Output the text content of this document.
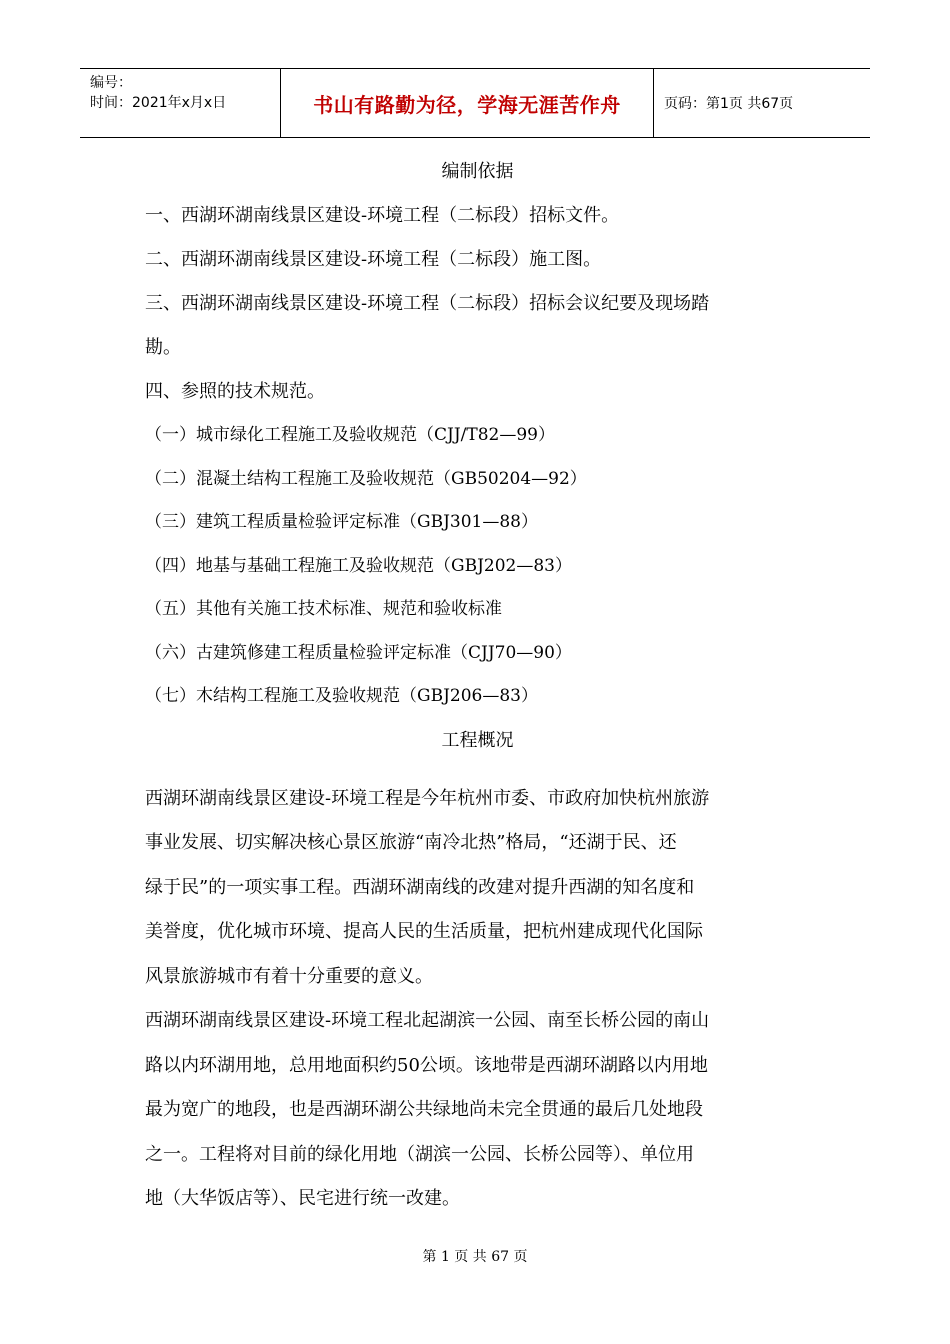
编号：
时间：2021年x月x日	书山有路勤为径，学海无涯苦作舟	页码：第1页 共67页

编制依据

一、西湖环湖南线景区建设-环境工程（二标段）招标文件。

二、西湖环湖南线景区建设-环境工程（二标段）施工图。

三、西湖环湖南线景区建设-环境工程（二标段）招标会议纪要及现场踏

勘。

四、参照的技术规范。

（一）城市绿化工程施工及验收规范（CJJ/T82—99）

（二）混凝土结构工程施工及验收规范（GB50204—92）

（三）建筑工程质量检验评定标准（GBJ301—88）

（四）地基与基础工程施工及验收规范（GBJ202—83）

（五）其他有关施工技术标准、规范和验收标准

（六）古建筑修建工程质量检验评定标准（CJJ70—90）

（七）木结构工程施工及验收规范（GBJ206—83）

工程概况

西湖环湖南线景区建设-环境工程是今年杭州市委、市政府加快杭州旅游

事业发展、切实解决核心景区旅游“南冷北热”格局，“还湖于民、还

绿于民”的一项实事工程。西湖环湖南线的改建对提升西湖的知名度和

美誉度，优化城市环境、提高人民的生活质量，把杭州建成现代化国际

风景旅游城市有着十分重要的意义。

西湖环湖南线景区建设-环境工程北起湖滨一公园、南至长桥公园的南山

路以内环湖用地，总用地面积约50公顷。该地带是西湖环湖路以内用地

最为宽广的地段，也是西湖环湖公共绿地尚未完全贯通的最后几处地段

之一。工程将对目前的绿化用地（湖滨一公园、长桥公园等）、单位用

地（大华饭店等）、民宅进行统一改建。

第 1 页 共 67 页
